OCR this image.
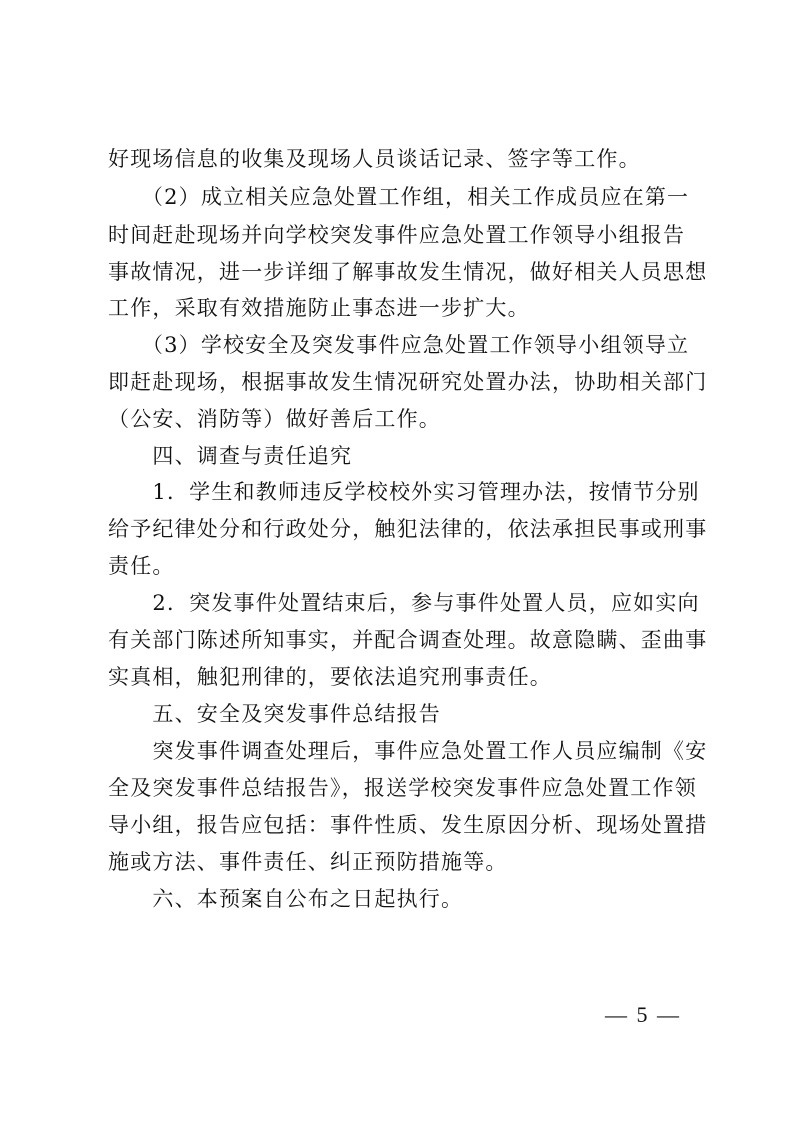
好现场信息的收集及现场人员谈话记录、签字等工作。
　　（2）成立相关应急处置工作组，相关工作成员应在第一
时间赶赴现场并向学校突发事件应急处置工作领导小组报告
事故情况，进一步详细了解事故发生情况，做好相关人员思想
工作，采取有效措施防止事态进一步扩大。
　　（3）学校安全及突发事件应急处置工作领导小组领导立
即赶赴现场，根据事故发生情况研究处置办法，协助相关部门
（公安、消防等）做好善后工作。
　　四、调查与责任追究
　　1．学生和教师违反学校校外实习管理办法，按情节分别
给予纪律处分和行政处分，触犯法律的，依法承担民事或刑事
责任。
　　2．突发事件处置结束后，参与事件处置人员，应如实向
有关部门陈述所知事实，并配合调查处理。故意隐瞒、歪曲事
实真相，触犯刑律的，要依法追究刑事责任。
　　五、安全及突发事件总结报告
　　突发事件调查处理后，事件应急处置工作人员应编制《安
全及突发事件总结报告》，报送学校突发事件应急处置工作领
导小组，报告应包括：事件性质、发生原因分析、现场处置措
施或方法、事件责任、纠正预防措施等。
　　六、本预案自公布之日起执行。
— 5 —
